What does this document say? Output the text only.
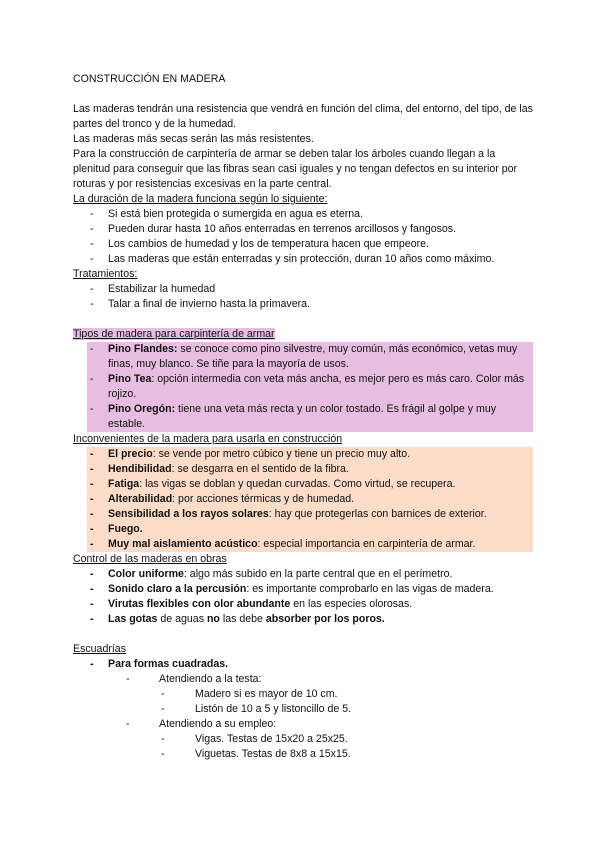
CONSTRUCCIÓN EN MADERA

Las maderas tendrán una resistencia que vendrá en función del clima, del entorno, del tipo, de las partes del tronco y de la humedad.

Las maderas más secas serán las más resistentes.

Para la construcción de carpintería de armar se deben talar los árboles cuando llegan a la plenitud para conseguir que las fibras sean casi iguales y no tengan defectos en su interior por roturas y por resistencias excesivas en la parte central.

La duración de la madera funciona según lo siguiente:

- Si está bien protegida o sumergida en agua es eterna.
- Pueden durar hasta 10 años enterradas en terrenos arcillosos y fangosos.
- Los cambios de humedad y los de temperatura hacen que empeore.
- Las maderas que están enterradas y sin protección, duran 10 años como máximo.

Tratamientos:

- Estabilizar la humedad
- Talar a final de invierno hasta la primavera.

Tipos de madera para carpintería de armar

- Pino Flandes: se conoce como pino silvestre, muy común, más económico, vetas muy finas, muy blanco. Se tiñe para la mayoría de usos.
- Pino Tea: opción intermedia con veta más ancha, es mejor pero es más caro. Color más rojizo.
- Pino Oregón: tiene una veta más recta y un color tostado. Es frágil al golpe y muy estable.

Inconvenientes de la madera para usarla en construcción

- El precio: se vende por metro cúbico y tiene un precio muy alto.
- Hendibilidad: se desgarra en el sentido de la fibra.
- Fatiga: las vigas se doblan y quedan curvadas. Como virtud, se recupera.
- Alterabilidad: por acciones térmicas y de humedad.
- Sensibilidad a los rayos solares: hay que protegerlas con barnices de exterior.
- Fuego.
- Muy mal aislamiento acústico: especial importancia en carpintería de armar.

Control de las maderas en obras

- Color uniforme: algo más subido en la parte central que en el perímetro.
- Sonido claro a la percusión: es importante comprobarlo en las vigas de madera.
- Virutas flexibles con olor abundante en las especies olorosas.
- Las gotas de aguas no las debe absorber por los poros.

Escuadrías

- Para formas cuadradas.
- Atendiendo a la testa:
- Madero si es mayor de 10 cm.
- Listón de 10 a 5 y listoncillo de 5.
- Atendiendo a su empleo:
- Vigas. Testas de 15x20 a 25x25.
- Viguetas. Testas de 8x8 a 15x15.
